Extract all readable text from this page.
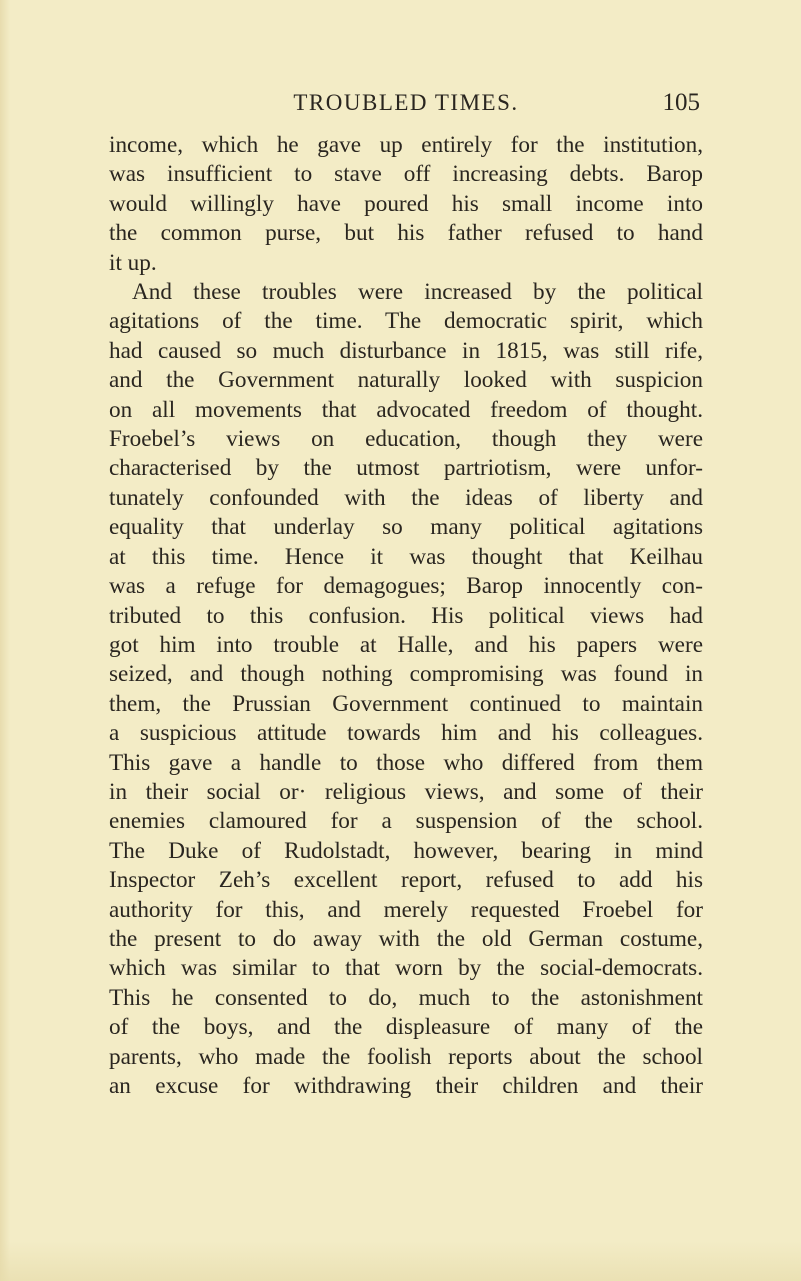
TROUBLED TIMES.	105
income, which he gave up entirely for the institution,
was insufficient to stave off increasing debts. Barop
would willingly have poured his small income into
the common purse, but his father refused to hand
it up.
And these troubles were increased by the political
agitations of the time. The democratic spirit, which
had caused so much disturbance in 1815, was still rife,
and the Government naturally looked with suspicion
on all movements that advocated freedom of thought.
Froebel’s views on education, though they were
characterised by the utmost partriotism, were unfor-
tunately confounded with the ideas of liberty and
equality that underlay so many political agitations
at this time. Hence it was thought that Keilhau
was a refuge for demagogues; Barop innocently con-
tributed to this confusion. His political views had
got him into trouble at Halle, and his papers were
seized, and though nothing compromising was found in
them, the Prussian Government continued to maintain
a suspicious attitude towards him and his colleagues.
This gave a handle to those who differed from them
in their social or· religious views, and some of their
enemies clamoured for a suspension of the school.
The Duke of Rudolstadt, however, bearing in mind
Inspector Zeh’s excellent report, refused to add his
authority for this, and merely requested Froebel for
the present to do away with the old German costume,
which was similar to that worn by the social-democrats.
This he consented to do, much to the astonishment
of the boys, and the displeasure of many of the
parents, who made the foolish reports about the school
an excuse for withdrawing their children and their
